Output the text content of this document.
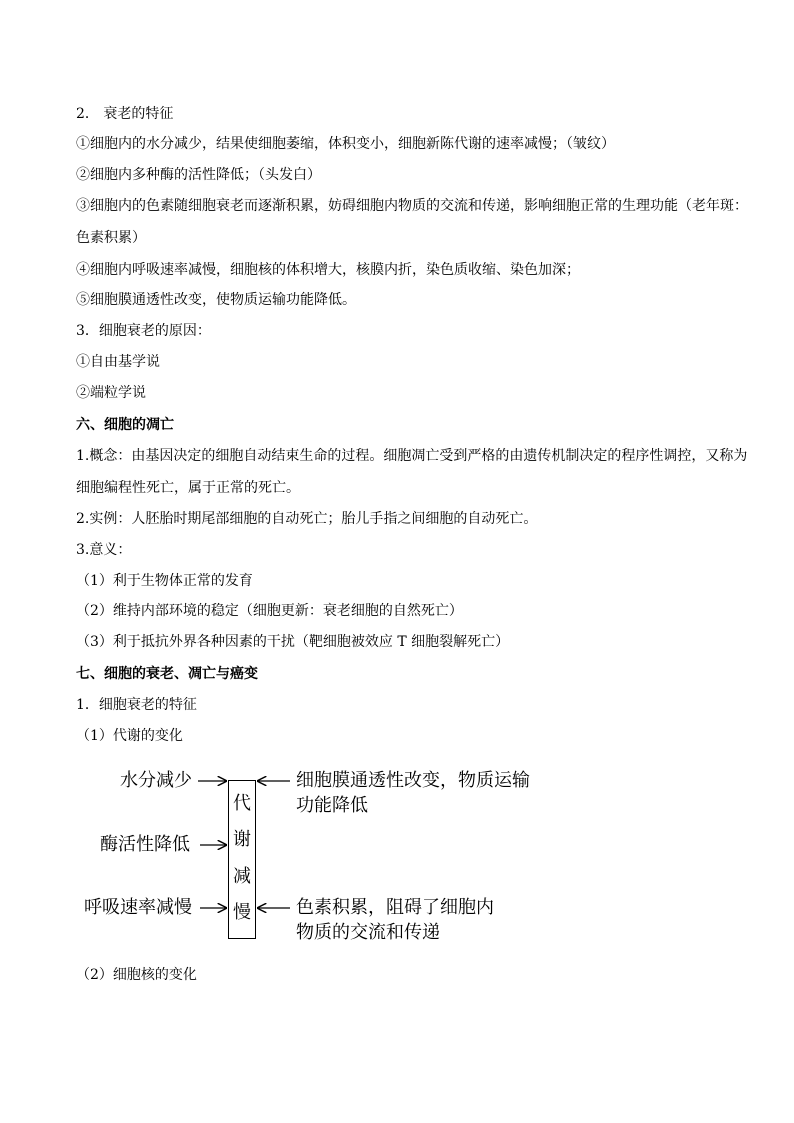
2． 衰老的特征
①细胞内的水分减少，结果使细胞萎缩，体积变小，细胞新陈代谢的速率减慢；（皱纹）
②细胞内多种酶的活性降低；（头发白）
③细胞内的色素随细胞衰老而逐渐积累，妨碍细胞内物质的交流和传递，影响细胞正常的生理功能（老年斑：色素积累）
④细胞内呼吸速率减慢，细胞核的体积增大，核膜内折，染色质收缩、染色加深；
⑤细胞膜通透性改变，使物质运输功能降低。
3．细胞衰老的原因：
①自由基学说
②端粒学说
六、细胞的凋亡
1.概念：由基因决定的细胞自动结束生命的过程。细胞凋亡受到严格的由遗传机制决定的程序性调控，又称为细胞编程性死亡，属于正常的死亡。
2.实例：人胚胎时期尾部细胞的自动死亡；胎儿手指之间细胞的自动死亡。
3.意义：
（1）利于生物体正常的发育
（2）维持内部环境的稳定（细胞更新：衰老细胞的自然死亡）
（3）利于抵抗外界各种因素的干扰（靶细胞被效应 T 细胞裂解死亡）
七、细胞的衰老、凋亡与癌变
1．细胞衰老的特征
（1）代谢的变化
水分减少
酶活性降低
呼吸速率减慢
代
谢
减
慢
细胞膜通透性改变，物质运输
功能降低
色素积累，阻碍了细胞内
物质的交流和传递
（2）细胞核的变化
